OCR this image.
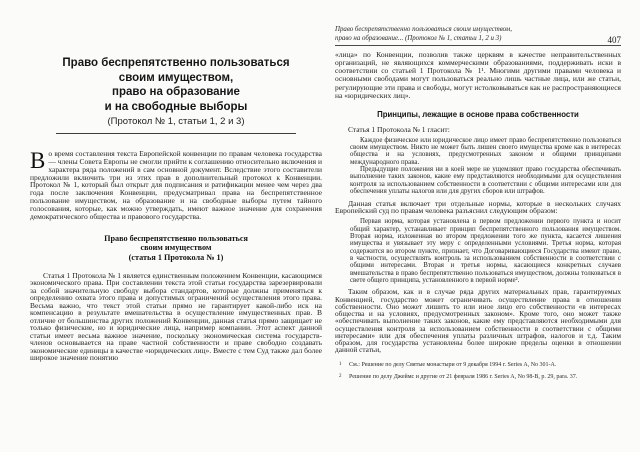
Право беспрепятственно пользоваться
своим имуществом,
право на образование
и на свободные выборы
(Протокол № 1, статьи 1, 2 и 3)

Во время составления текста Европейской конвенции по правам человека государства — члены Совета Европы не смогли прийти к соглашению относительно включения и характера ряда положений в сам основной документ. Вследствие этого составители предложили включить три из этих прав в дополнительный протокол к Конвенции. Протокол № 1, который был открыт для подписания и ратификации менее чем через два года после заключения Конвенции, предусматривал права на беспрепятственное пользование имуществом, на образование и на свободные выборы путем тайного голосования, которые, как можно утверждать, имеют важное значение для сохранения демократического общества и правового государства.

Право беспрепятственно пользоваться
своим имуществом
(статья 1 Протокола № 1)

Статья 1 Протокола № 1 является единственным положением Конвенции, касающимся экономического права. При составлении текста этой статьи государства зарезервировали за собой значительную свободу выбора стандартов, которые должны применяться к определению охвата этого права и допустимых ограничений осуществления этого права. Весьма важно, что текст этой статьи прямо не гарантирует какой-либо иск на компенсацию в результате вмешательства в осуществление имущественных прав. В отличие от большинства других положений Конвенции, данная статья прямо защищает не только физические, но и юридические лица, например компании. Этот аспект данной статьи имеет весьма важное значение, поскольку экономическая система государств-членов основывается на праве частной собственности и праве свободно создавать экономические единицы в качестве «юридических лиц». Вместе с тем Суд также дал более широкое значение понятию

Право беспрепятственно пользоваться своим имуществом,
право на образование... (Протокол № 1, статьи 1, 2 и 3)	407

«лица» по Конвенции, позволив также церквям в качестве неправительственных организаций, не являющихся коммерческими образованиями, поддерживать иски в соответствии со статьей 1 Протокола № 1¹. Многими другими правами человека и основными свободами могут пользоваться реально лишь частные лица, или же статьи, регулирующие эти права и свободы, могут истолковываться как не распространяющиеся на «юридических лиц».

Принципы, лежащие в основе права собственности

Статья 1 Протокола № 1 гласит:

Каждое физическое или юридическое лицо имеет право беспрепятственно пользоваться своим имуществом. Никто не может быть лишен своего имущества кроме как в интересах общества и на условиях, предусмотренных законом и общими принципами международного права.

Предыдущие положения ни в коей мере не ущемляют право государства обеспечивать выполнение таких законов, какие ему представляются необходимыми для осуществления контроля за использованием собственности в соответствии с общими интересами или для обеспечения уплаты налогов или для других сборов или штрафов.

Данная статья включает три отдельные нормы, которые в нескольких случаях Европейский суд по правам человека разъяснил следующим образом:

Первая норма, которая установлена в первом предложении первого пункта и носит общий характер, устанавливает принцип беспрепятственного пользования имуществом. Вторая норма, изложенная во втором предложении того же пункта, касается лишения имущества и увязывает эту меру с определенными условиями. Третья норма, которая содержится во втором пункте, признает, что Договаривающиеся Государства имеют право, в частности, осуществлять контроль за использованием собственности в соответствии с общими интересами. Вторая и третья нормы, касающиеся конкретных случаев вмешательства в право беспрепятственно пользоваться имуществом, должны толковаться в свете общего принципа, установленного в первой норме².

Таким образом, как и в случае ряда других материальных прав, гарантируемых Конвенцией, государство может ограничивать осуществление права в отношении собственности. Оно может лишить то или иное лицо его собственности «в интересах общества и на условиях, предусмотренных законом». Кроме того, оно может также «обеспечивать выполнение таких законов, какие ему представляются необходимыми для осуществления контроля за использованием собственности в соответствии с общими интересами» или для обеспечения уплаты различных штрафов, налогов и т.д. Таким образом, для государства установлены более широкие пределы оценки в отношении данной статьи,

1 См.: Решение по делу Святые монастыри от 9 декабря 1994 г. Series A, No 301-A.
2 Решение по делу Джеймс и другие от 21 февраля 1986 г. Series A, No 98-B, p. 29, para. 37.
